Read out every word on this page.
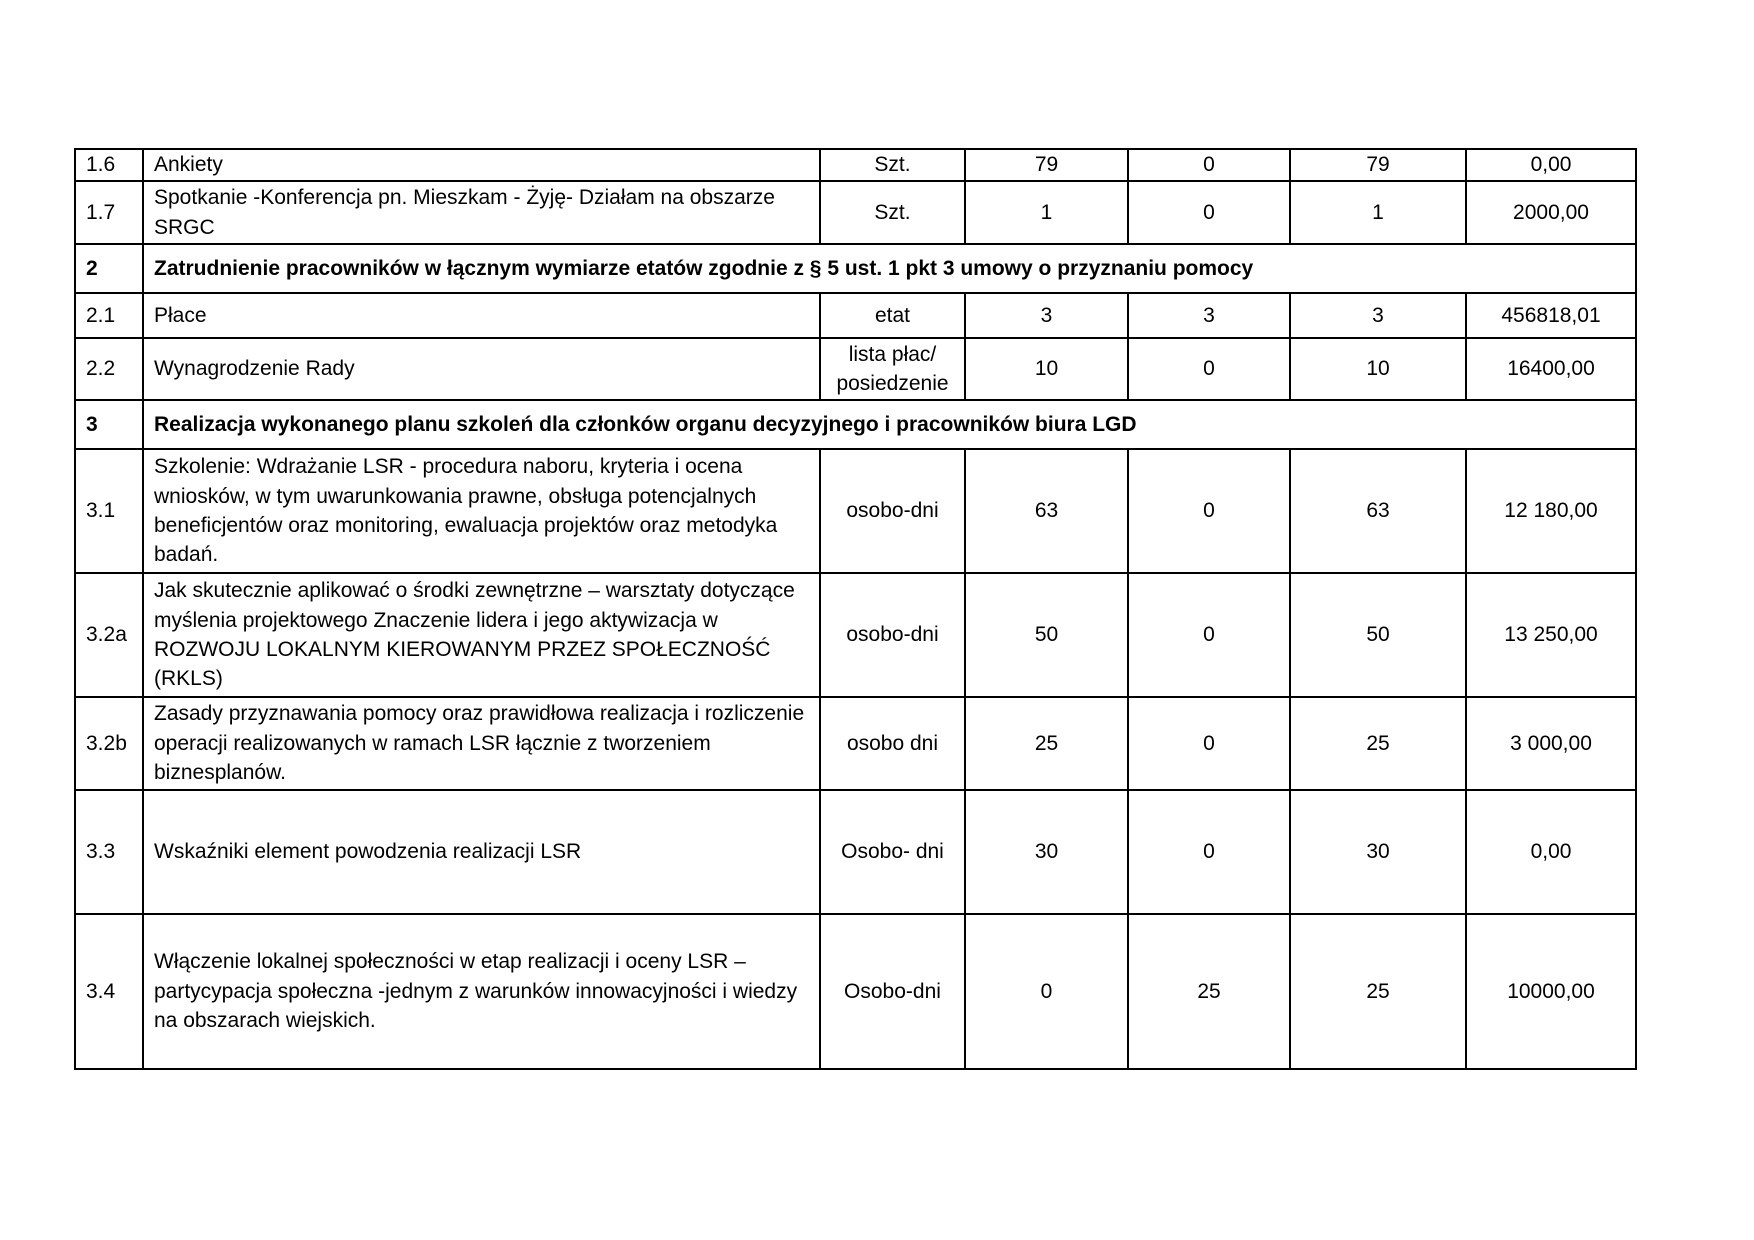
1.6	Ankiety	Szt.	79	0	79	0,00
1.7	Spotkanie -Konferencja pn. Mieszkam - Żyję- Działam na obszarze SRGC	Szt.	1	0	1	2000,00
2	Zatrudnienie pracowników w łącznym wymiarze etatów zgodnie z § 5 ust. 1 pkt 3 umowy o przyznaniu pomocy					
2.1	Płace	etat	3	3	3	456818,01
2.2	Wynagrodzenie Rady	lista płac/ posiedzenie	10	0	10	16400,00
3	Realizacja wykonanego planu szkoleń dla członków organu decyzyjnego i pracowników biura LGD					
3.1	Szkolenie: Wdrażanie LSR - procedura naboru, kryteria i ocena wniosków, w tym uwarunkowania prawne, obsługa potencjalnych beneficjentów oraz monitoring, ewaluacja projektów oraz metodyka badań.	osobo-dni	63	0	63	12 180,00
3.2a	Jak skutecznie aplikować o środki zewnętrzne – warsztaty dotyczące myślenia projektowego Znaczenie lidera i jego aktywizacja w ROZWOJU LOKALNYM KIEROWANYM PRZEZ SPOŁECZNOŚĆ (RKLS)	osobo-dni	50	0	50	13 250,00
3.2b	Zasady przyznawania pomocy oraz prawidłowa realizacja i rozliczenie operacji realizowanych w ramach LSR łącznie z tworzeniem biznesplanów.	osobo dni	25	0	25	3 000,00
3.3	Wskaźniki element powodzenia realizacji LSR	Osobo- dni	30	0	30	0,00
3.4	Włączenie lokalnej społeczności w etap realizacji i oceny LSR – partycypacja społeczna -jednym z warunków innowacyjności i wiedzy na obszarach wiejskich.	Osobo-dni	0	25	25	10000,00
